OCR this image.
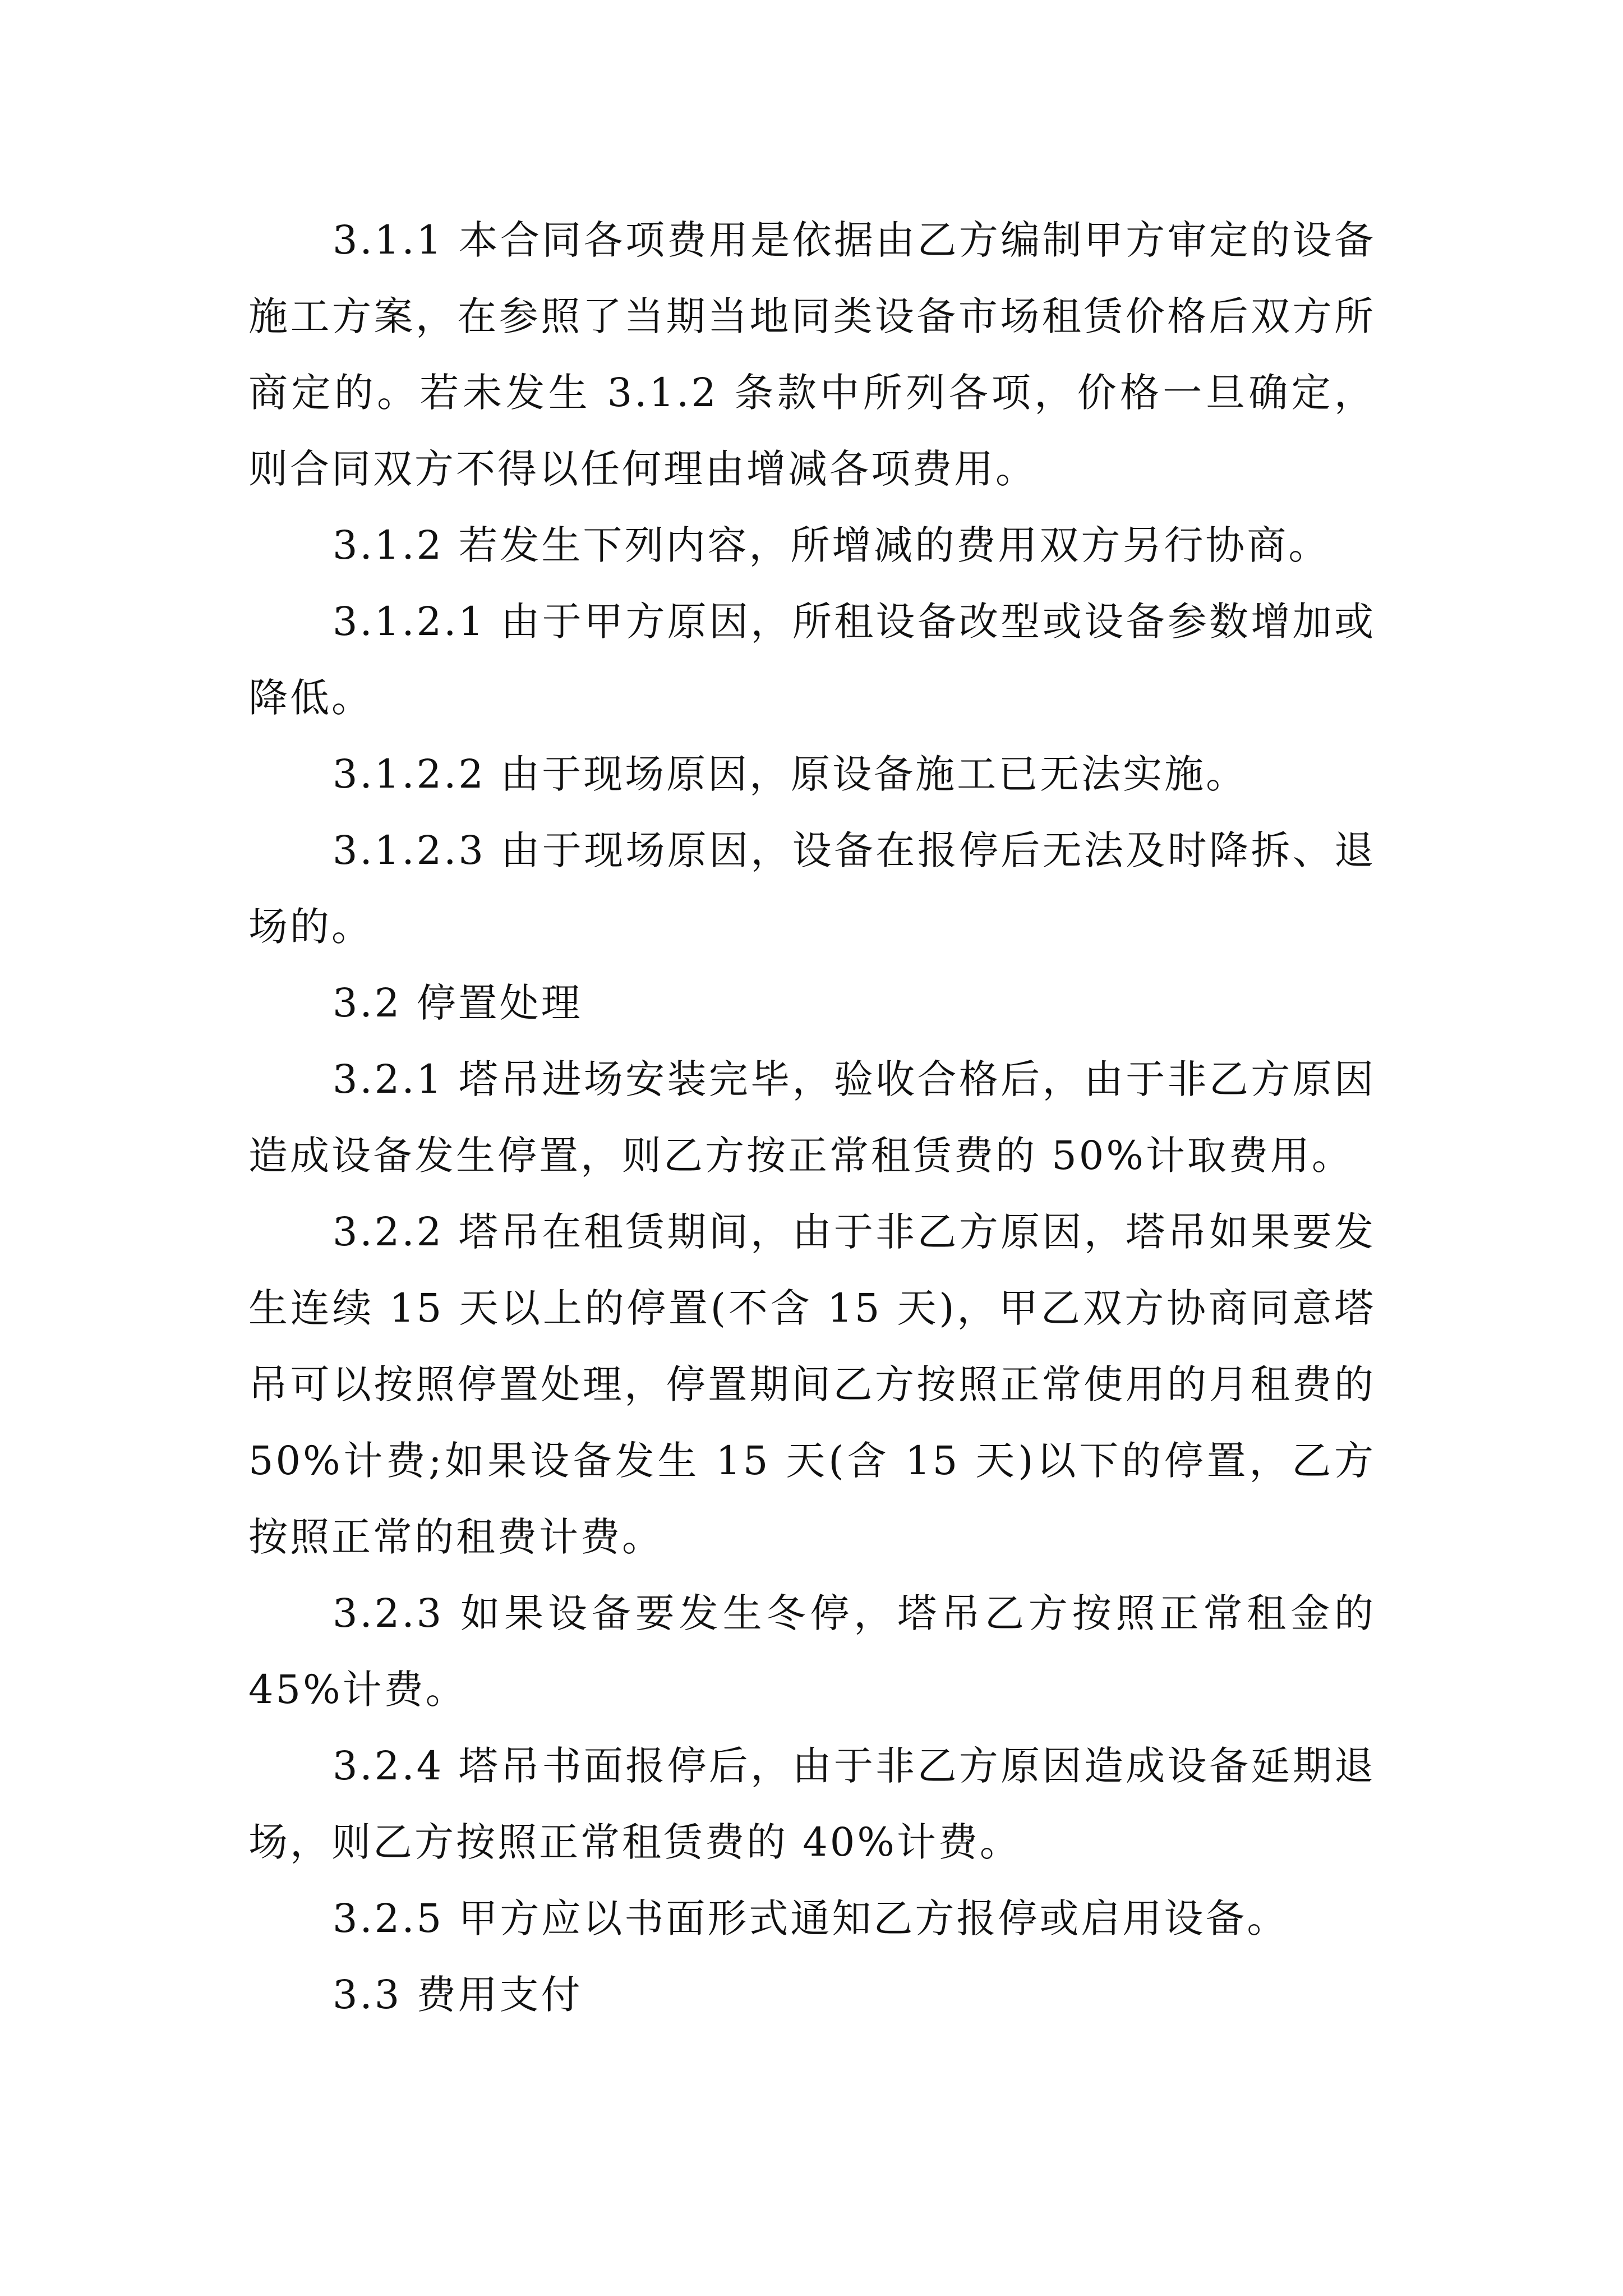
3.1.1 本合同各项费用是依据由乙方编制甲方审定的设备施工方案，在参照了当期当地同类设备市场租赁价格后双方所商定的。若未发生 3.1.2 条款中所列各项，价格一旦确定，则合同双方不得以任何理由增减各项费用。

3.1.2 若发生下列内容，所增减的费用双方另行协商。

3.1.2.1 由于甲方原因，所租设备改型或设备参数增加或降低。

3.1.2.2 由于现场原因，原设备施工已无法实施。

3.1.2.3 由于现场原因，设备在报停后无法及时降拆、退场的。

3.2 停置处理

3.2.1 塔吊进场安装完毕，验收合格后，由于非乙方原因造成设备发生停置，则乙方按正常租赁费的 50%计取费用。

3.2.2 塔吊在租赁期间，由于非乙方原因，塔吊如果要发生连续 15 天以上的停置(不含 15 天)，甲乙双方协商同意塔吊可以按照停置处理，停置期间乙方按照正常使用的月租费的 50%计费;如果设备发生 15 天(含 15 天)以下的停置，乙方按照正常的租费计费。

3.2.3 如果设备要发生冬停，塔吊乙方按照正常租金的45%计费。

3.2.4 塔吊书面报停后，由于非乙方原因造成设备延期退场，则乙方按照正常租赁费的 40%计费。

3.2.5 甲方应以书面形式通知乙方报停或启用设备。

3.3 费用支付
